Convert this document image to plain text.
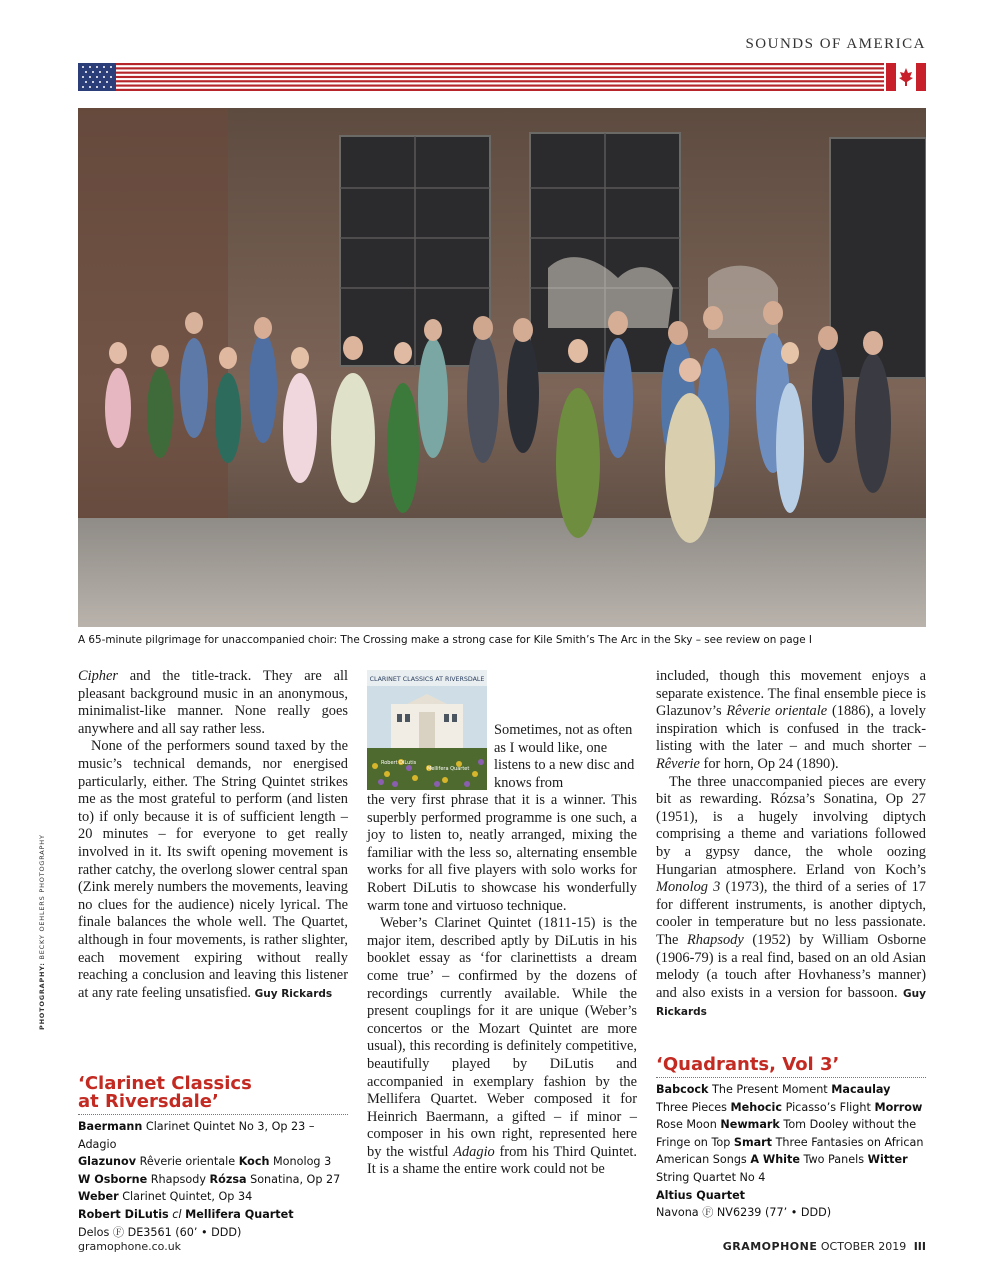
SOUNDS OF AMERICA
A 65-minute pilgrimage for unaccompanied choir: The Crossing make a strong case for Kile Smith’s The Arc in the Sky – see review on page I
PHOTOGRAPHY: BECKY OEHLERS PHOTOGRAPHY

Cipher and the title-track. They are all pleasant background music in an anonymous, minimalist-like manner. None really goes anywhere and all say rather less.

None of the performers sound taxed by the music’s technical demands, nor energised particularly, either. The String Quintet strikes me as the most grateful to perform (and listen to) if only because it is of sufficient length – 20 minutes – for everyone to get really involved in it. Its swift opening movement is rather catchy, the overlong slower central span (Zink merely numbers the movements, leaving no clues for the audience) nicely lyrical. The finale balances the whole well. The Quartet, although in four movements, is rather slighter, each movement expiring without really reaching a conclusion and leaving this listener at any rate feeling unsatisfied. Guy Rickards

‘Clarinet Classics
at Riversdale’
Baermann Clarinet Quintet No 3, Op 23 – Adagio
Glazunov Rêverie orientale Koch Monolog 3
W Osborne Rhapsody Rózsa Sonatina, Op 27
Weber Clarinet Quintet, Op 34
Robert DiLutis cl Mellifera Quartet
Delos Ⓕ DE3561 (60’ • DDD)
CLARINET CLASSICS AT RIVERSDALE
Robert DiLutis
Mellifera Quartet

Sometimes, not as often as I would like, one listens to a new disc and knows from

the very first phrase that it is a winner. This superbly performed programme is one such, a joy to listen to, neatly arranged, mixing the familiar with the less so, alternating ensemble works for all five players with solo works for Robert DiLutis to showcase his wonderfully warm tone and virtuoso technique.

Weber’s Clarinet Quintet (1811-15) is the major item, described aptly by DiLutis in his booklet essay as ‘for clarinettists a dream come true’ – confirmed by the dozens of recordings currently available. While the present couplings for it are unique (Weber’s concertos or the Mozart Quintet are more usual), this recording is definitely competitive, beautifully played by DiLutis and accompanied in exemplary fashion by the Mellifera Quartet. Weber composed it for Heinrich Baermann, a gifted – if minor – composer in his own right, represented here by the wistful Adagio from his Third Quintet. It is a shame the entire work could not be

included, though this movement enjoys a separate existence. The final ensemble piece is Glazunov’s Rêverie orientale (1886), a lovely inspiration which is confused in the track-listing with the later – and much shorter – Rêverie for horn, Op 24 (1890).

The three unaccompanied pieces are every bit as rewarding. Rózsa’s Sonatina, Op 27 (1951), is a hugely involving diptych comprising a theme and variations followed by a gypsy dance, the whole oozing Hungarian atmosphere. Erland von Koch’s Monolog 3 (1973), the third of a series of 17 for different instruments, is another diptych, cooler in temperature but no less passionate. The Rhapsody (1952) by William Osborne (1906-79) is a real find, based on an old Asian melody (a touch after Hovhaness’s manner) and also exists in a version for bassoon. Guy Rickards

‘Quadrants, Vol 3’
Babcock The Present Moment Macaulay Three Pieces Mehocic Picasso’s Flight Morrow Rose Moon Newmark Tom Dooley without the Fringe on Top Smart Three Fantasies on African American Songs A White Two Panels Witter String Quartet No 4
Altius Quartet
Navona Ⓕ NV6239 (77’ • DDD)
gramophone.co.uk	GRAMOPHONE OCTOBER 2019 III
